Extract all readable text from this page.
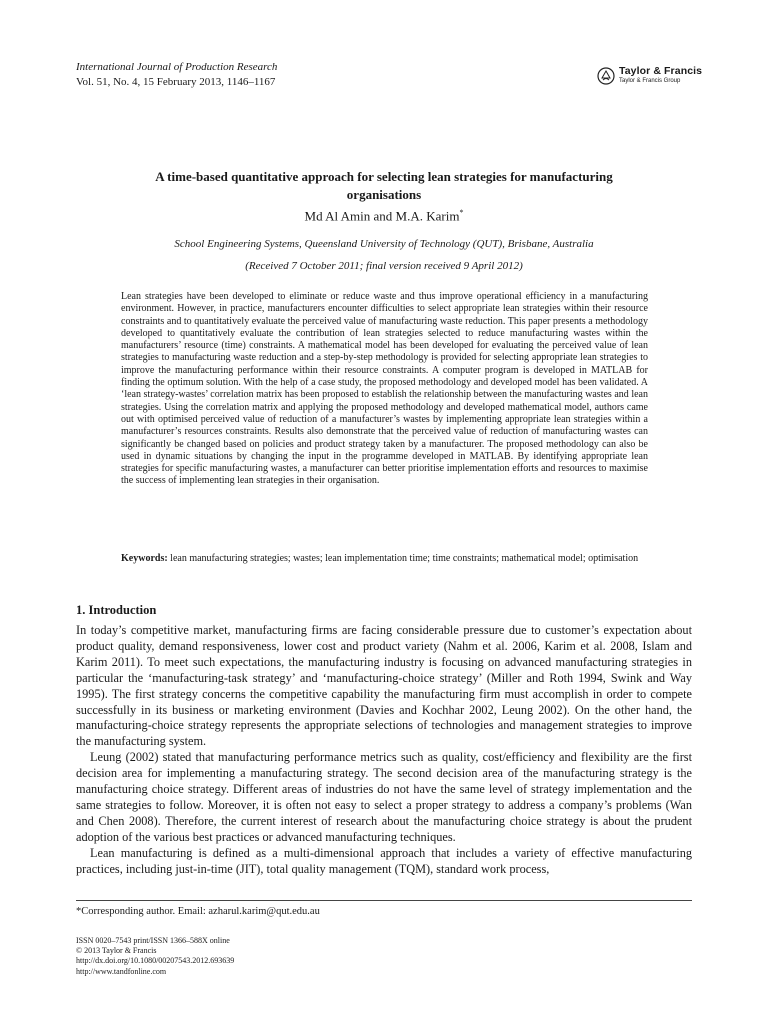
International Journal of Production Research
Vol. 51, No. 4, 15 February 2013, 1146–1167
Taylor & Francis
Taylor & Francis Group
A time-based quantitative approach for selecting lean strategies for manufacturing organisations
Md Al Amin and M.A. Karim*
School Engineering Systems, Queensland University of Technology (QUT), Brisbane, Australia
(Received 7 October 2011; final version received 9 April 2012)

Lean strategies have been developed to eliminate or reduce waste and thus improve operational efficiency in a manufacturing environment. However, in practice, manufacturers encounter difficulties to select appropriate lean strategies within their resource constraints and to quantitatively evaluate the perceived value of manufacturing waste reduction. This paper presents a methodology developed to quantitatively evaluate the contribution of lean strategies selected to reduce manufacturing wastes within the manufacturers’ resource (time) constraints. A mathematical model has been developed for evaluating the perceived value of lean strategies to manufacturing waste reduction and a step-by-step methodology is provided for selecting appropriate lean strategies to improve the manufacturing performance within their resource constraints. A computer program is developed in MATLAB for finding the optimum solution. With the help of a case study, the proposed methodology and developed model has been validated. A ‘lean strategy-wastes’ correlation matrix has been proposed to establish the relationship between the manufacturing wastes and lean strategies. Using the correlation matrix and applying the proposed methodology and developed mathematical model, authors came out with optimised perceived value of reduction of a manufacturer’s wastes by implementing appropriate lean strategies within a manufacturer’s resources constraints. Results also demonstrate that the perceived value of reduction of manufacturing wastes can significantly be changed based on policies and product strategy taken by a manufacturer. The proposed methodology can also be used in dynamic situations by changing the input in the programme developed in MATLAB. By identifying appropriate lean strategies for specific manufacturing wastes, a manufacturer can better prioritise implementation efforts and resources to maximise the success of implementing lean strategies in their organisation.

Keywords: lean manufacturing strategies; wastes; lean implementation time; time constraints; mathematical model; optimisation

1. Introduction

In today’s competitive market, manufacturing firms are facing considerable pressure due to customer’s expectation about product quality, demand responsiveness, lower cost and product variety (Nahm et al. 2006, Karim et al. 2008, Islam and Karim 2011). To meet such expectations, the manufacturing industry is focusing on advanced manufacturing strategies in particular the ‘manufacturing-task strategy’ and ‘manufacturing-choice strategy’ (Miller and Roth 1994, Swink and Way 1995). The first strategy concerns the competitive capability the manufacturing firm must accomplish in order to compete successfully in its business or marketing environment (Davies and Kochhar 2002, Leung 2002). On the other hand, the manufacturing-choice strategy represents the appropriate selections of technologies and management strategies to improve the manufacturing system.

Leung (2002) stated that manufacturing performance metrics such as quality, cost/efficiency and flexibility are the first decision area for implementing a manufacturing strategy. The second decision area of the manufacturing strategy is the manufacturing choice strategy. Different areas of industries do not have the same level of strategy implementation and the same strategies to follow. Moreover, it is often not easy to select a proper strategy to address a company’s problems (Wan and Chen 2008). Therefore, the current interest of research about the manufacturing choice strategy is about the prudent adoption of the various best practices or advanced manufacturing techniques.

Lean manufacturing is defined as a multi-dimensional approach that includes a variety of effective manufacturing practices, including just-in-time (JIT), total quality management (TQM), standard work process,

*Corresponding author. Email: azharul.karim@qut.edu.au
ISSN 0020–7543 print/ISSN 1366–588X online
© 2013 Taylor & Francis
http://dx.doi.org/10.1080/00207543.2012.693639
http://www.tandfonline.com
